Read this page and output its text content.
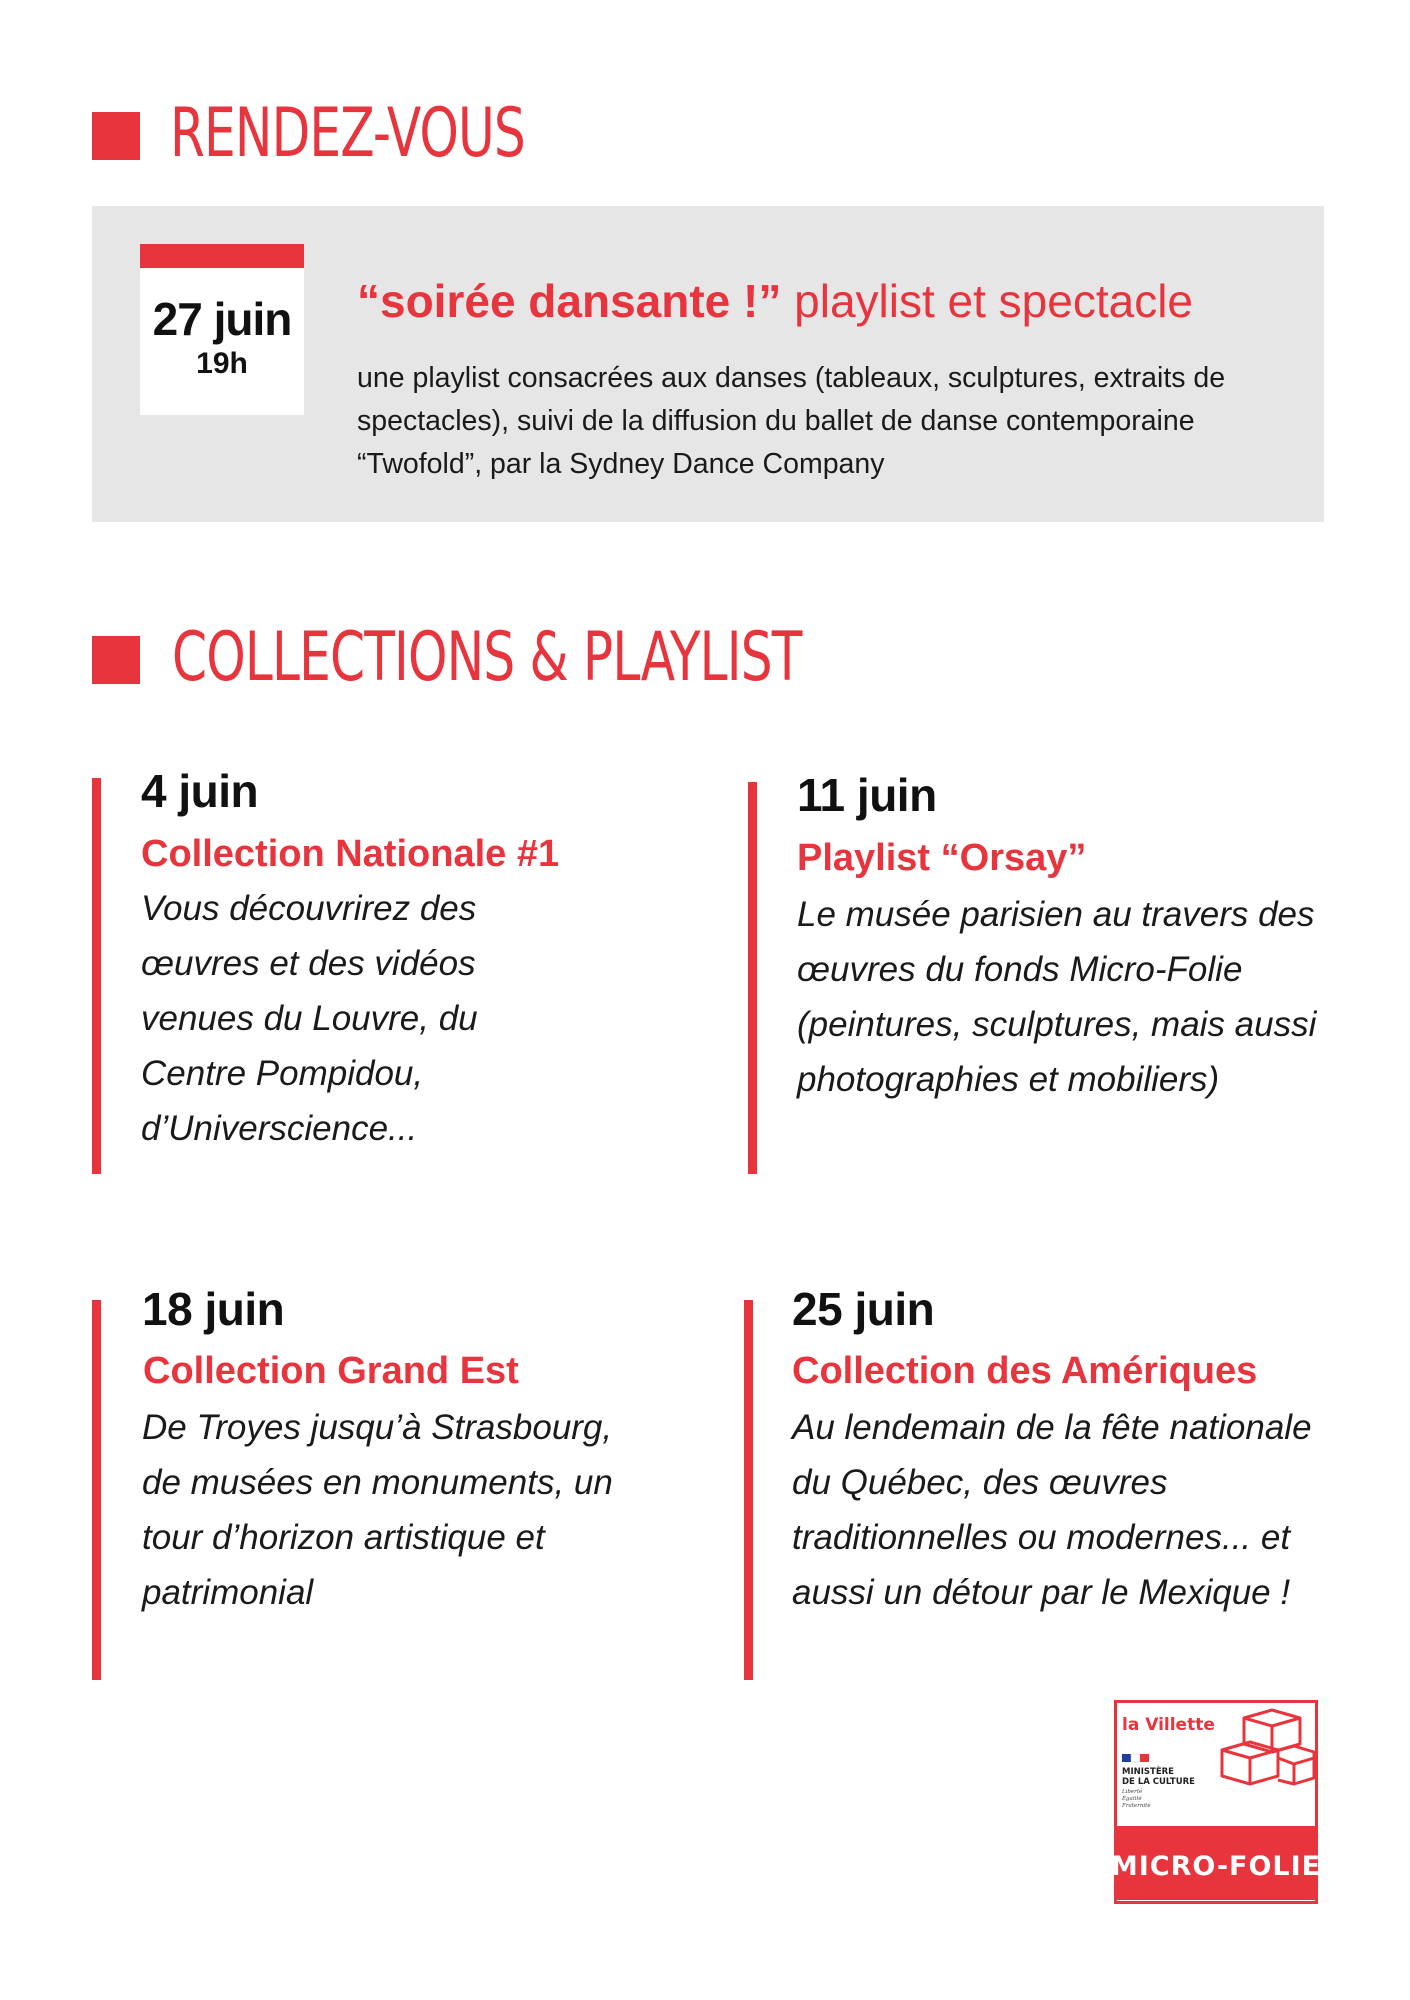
RENDEZ-VOUS
27 juin
19h
“soirée dansante !” playlist et spectacle
une playlist consacrées aux danses (tableaux, sculptures, extraits de spectacles), suivi de la diffusion du ballet de danse contemporaine “Twofold”, par la Sydney Dance Company
COLLECTIONS & PLAYLIST
4 juin
Collection Nationale #1
Vous découvrirez des œuvres et des vidéos venues du Louvre, du Centre Pompidou, d’Universcience...
11 juin
Playlist “Orsay”
Le musée parisien au travers des œuvres du fonds Micro-Folie (peintures, sculptures, mais aussi photographies et mobiliers)
18 juin
Collection Grand Est
De Troyes jusqu’à Strasbourg, de musées en monuments, un tour d’horizon artistique et patrimonial
25 juin
Collection des Amériques
Au lendemain de la fête nationale du Québec, des œuvres traditionnelles ou modernes... et aussi un détour par le Mexique !
la Villette
MINISTÈRE
DE LA CULTURE
Liberté
Égalité
Fraternité
MICRO-FOLIE
